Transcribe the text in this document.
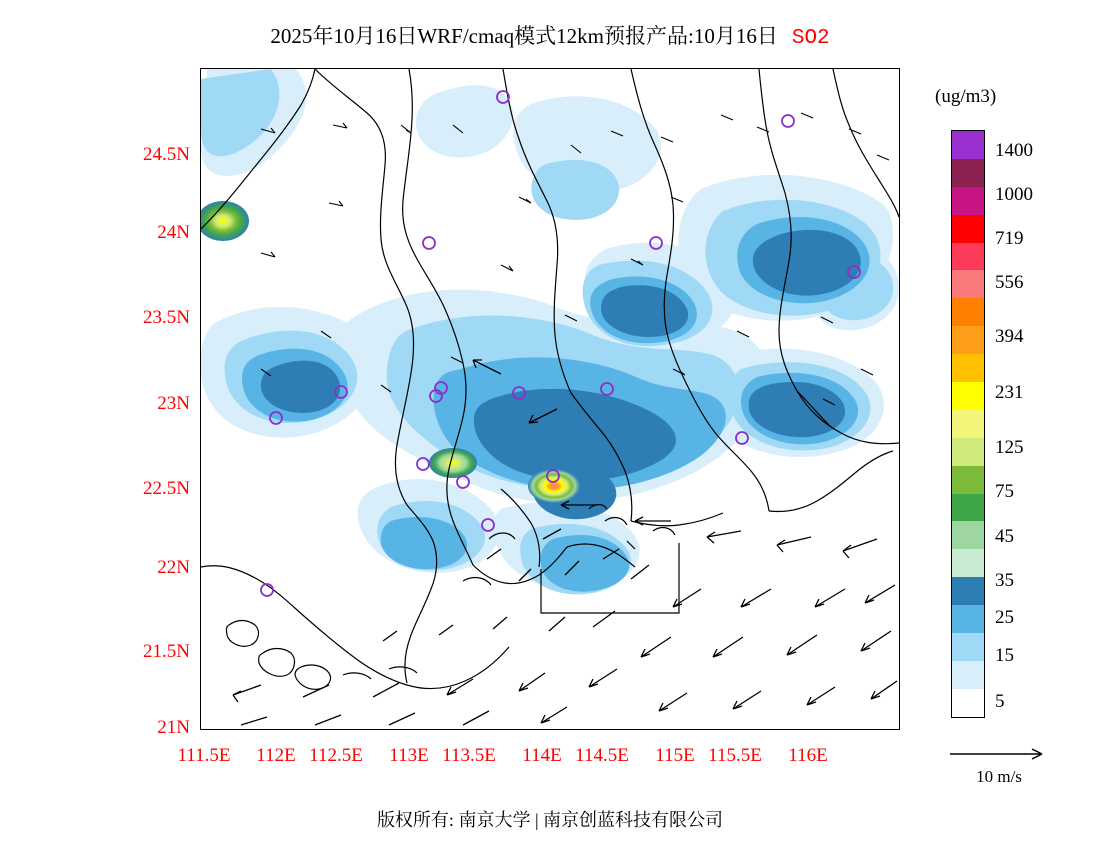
2025年10月16日WRF/cmaq模式12km预报产品:10月16日 SO2
24.5N
24N
23.5N
23N
22.5N
22N
21.5N
21N
111.5E	112E 112.5E	113E 113.5E	114E 114.5E	115E 115.5E	116E
(ug/m3)
1400
1000
719
556
394
231
125
75
45
35
25
15
5
10 m/s
版权所有: 南京大学 | 南京创蓝科技有限公司
